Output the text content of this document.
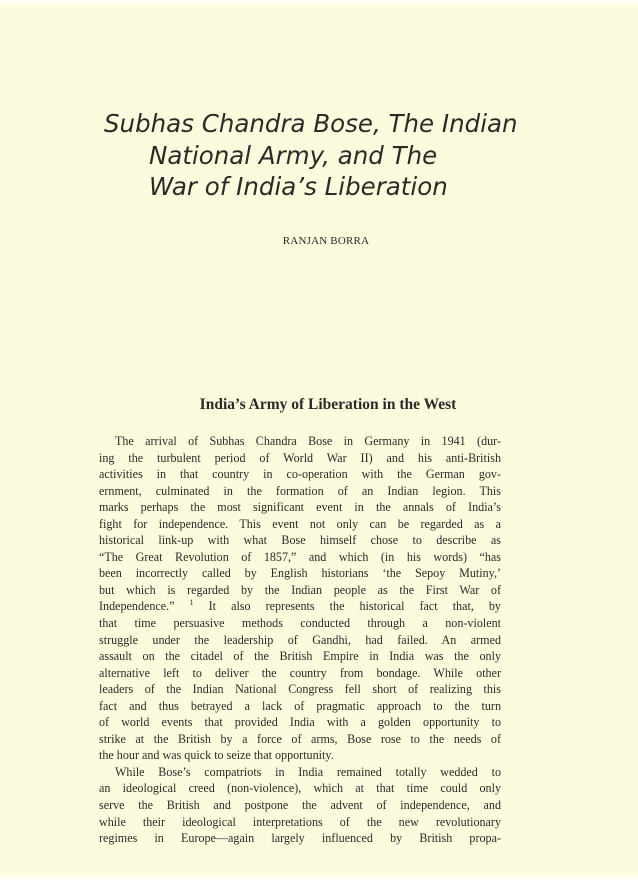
Subhas Chandra Bose, The Indian
National Army, and The
War of India’s Liberation
RANJAN BORRA
India’s Army of Liberation in the West
The arrival of Subhas Chandra Bose in Germany in 1941 (dur-
ing the turbulent period of World War II) and his anti-British
activities in that country in co-operation with the German gov-
ernment, culminated in the formation of an Indian legion. This
marks perhaps the most significant event in the annals of India’s
fight for independence. This event not only can be regarded as a
historical link-up with what Bose himself chose to describe as
“The Great Revolution of 1857,” and which (in his words) “has
been incorrectly called by English historians ‘the Sepoy Mutiny,’
but which is regarded by the Indian people as the First War of
Independence.” $^1$ It also represents the historical fact that, by
that time persuasive methods conducted through a non-violent
struggle under the leadership of Gandhi, had failed. An armed
assault on the citadel of the British Empire in India was the only
alternative left to deliver the country from bondage. While other
leaders of the Indian National Congress fell short of realizing this
fact and thus betrayed a lack of pragmatic approach to the turn
of world events that provided India with a golden opportunity to
strike at the British by a force of arms, Bose rose to the needs of
the hour and was quick to seize that opportunity.
While Bose’s compatriots in India remained totally wedded to
an ideological creed (non-violence), which at that time could only
serve the British and postpone the advent of independence, and
while their ideological interpretations of the new revolutionary
regimes in Europe—again largely influenced by British propa-
